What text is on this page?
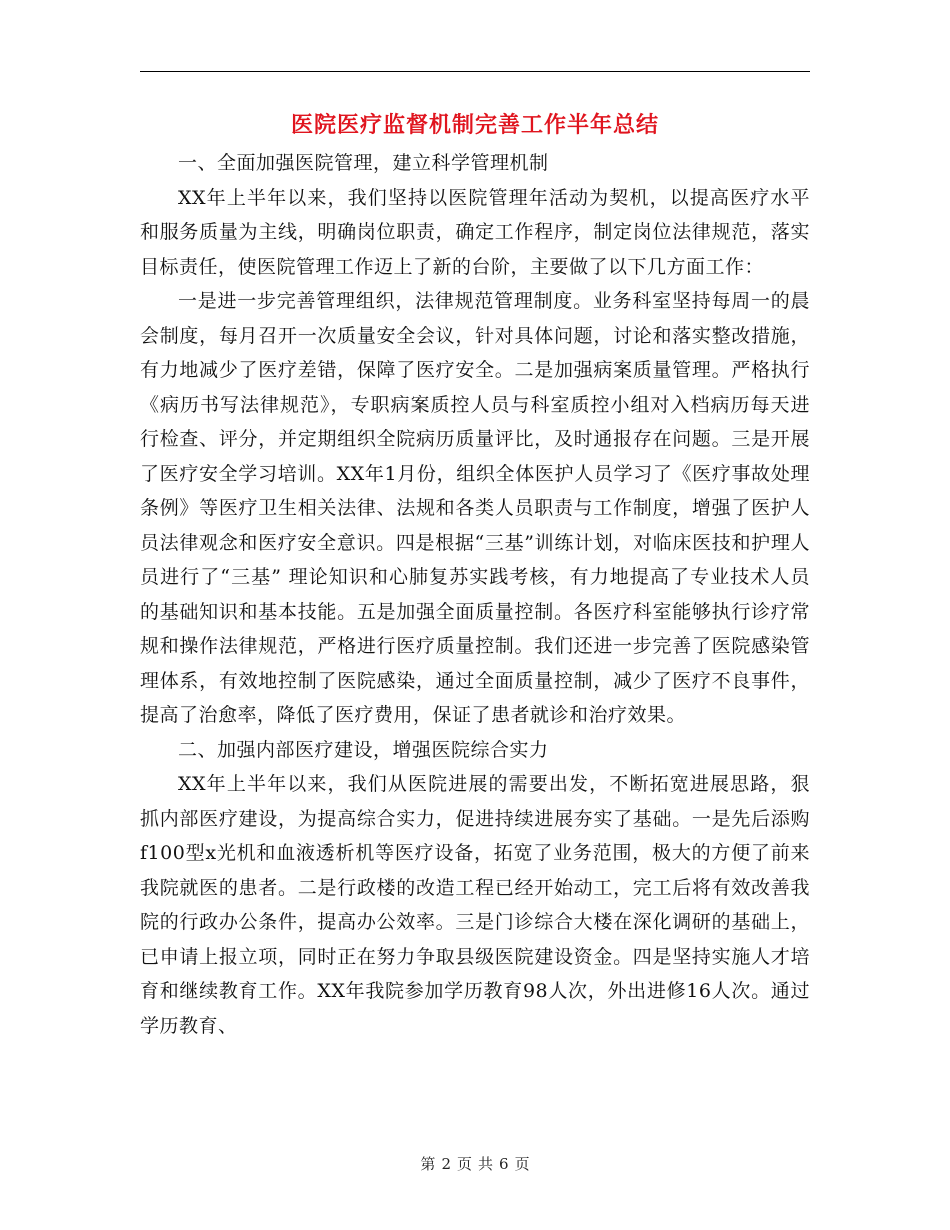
医院医疗监督机制完善工作半年总结

一、全面加强医院管理，建立科学管理机制

XX年上半年以来，我们坚持以医院管理年活动为契机，以提高医疗水平和服务质量为主线，明确岗位职责，确定工作程序，制定岗位法律规范，落实目标责任，使医院管理工作迈上了新的台阶，主要做了以下几方面工作：

一是进一步完善管理组织，法律规范管理制度。业务科室坚持每周一的晨会制度，每月召开一次质量安全会议，针对具体问题，讨论和落实整改措施，有力地减少了医疗差错，保障了医疗安全。二是加强病案质量管理。严格执行《病历书写法律规范》，专职病案质控人员与科室质控小组对入档病历每天进行检查、评分，并定期组织全院病历质量评比，及时通报存在问题。三是开展了医疗安全学习培训。XX年1月份，组织全体医护人员学习了《医疗事故处理条例》等医疗卫生相关法律、法规和各类人员职责与工作制度，增强了医护人员法律观念和医疗安全意识。四是根据“三基”训练计划，对临床医技和护理人员进行了“三基” 理论知识和心肺复苏实践考核，有力地提高了专业技术人员的基础知识和基本技能。五是加强全面质量控制。各医疗科室能够执行诊疗常规和操作法律规范，严格进行医疗质量控制。我们还进一步完善了医院感染管理体系，有效地控制了医院感染，通过全面质量控制，减少了医疗不良事件，提高了治愈率，降低了医疗费用，保证了患者就诊和治疗效果。

二、加强内部医疗建设，增强医院综合实力

XX年上半年以来，我们从医院进展的需要出发，不断拓宽进展思路，狠抓内部医疗建设，为提高综合实力，促进持续进展夯实了基础。一是先后添购f100型x光机和血液透析机等医疗设备，拓宽了业务范围，极大的方便了前来我院就医的患者。二是行政楼的改造工程已经开始动工，完工后将有效改善我院的行政办公条件，提高办公效率。三是门诊综合大楼在深化调研的基础上，已申请上报立项，同时正在努力争取县级医院建设资金。四是坚持实施人才培育和继续教育工作。XX年我院参加学历教育98人次，外出进修16人次。通过学历教育、

第 2 页 共 6 页
